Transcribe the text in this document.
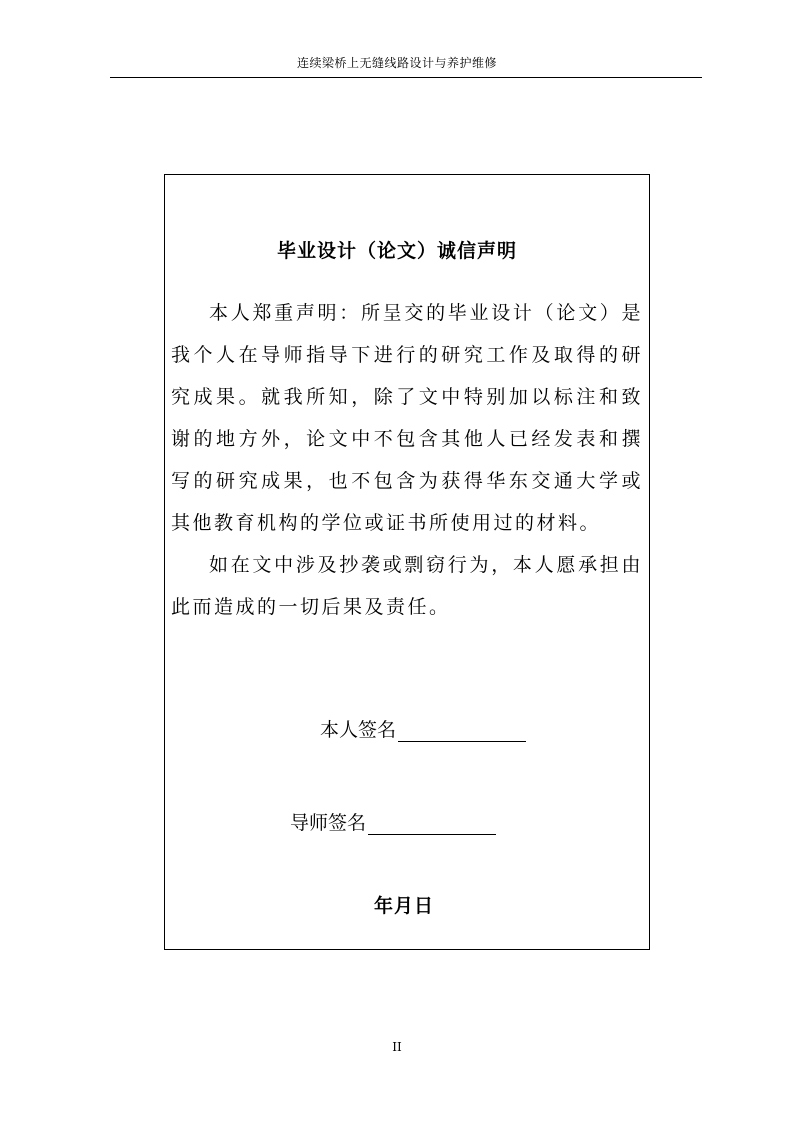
连续梁桥上无缝线路设计与养护维修
毕业设计（论文）诚信声明
本人郑重声明：所呈交的毕业设计（论文）是我个人在导师指导下进行的研究工作及取得的研究成果。就我所知，除了文中特别加以标注和致谢的地方外，论文中不包含其他人已经发表和撰写的研究成果，也不包含为获得华东交通大学或其他教育机构的学位或证书所使用过的材料。
如在文中涉及抄袭或剽窃行为，本人愿承担由此而造成的一切后果及责任。
本人签名
导师签名
年月日
II
